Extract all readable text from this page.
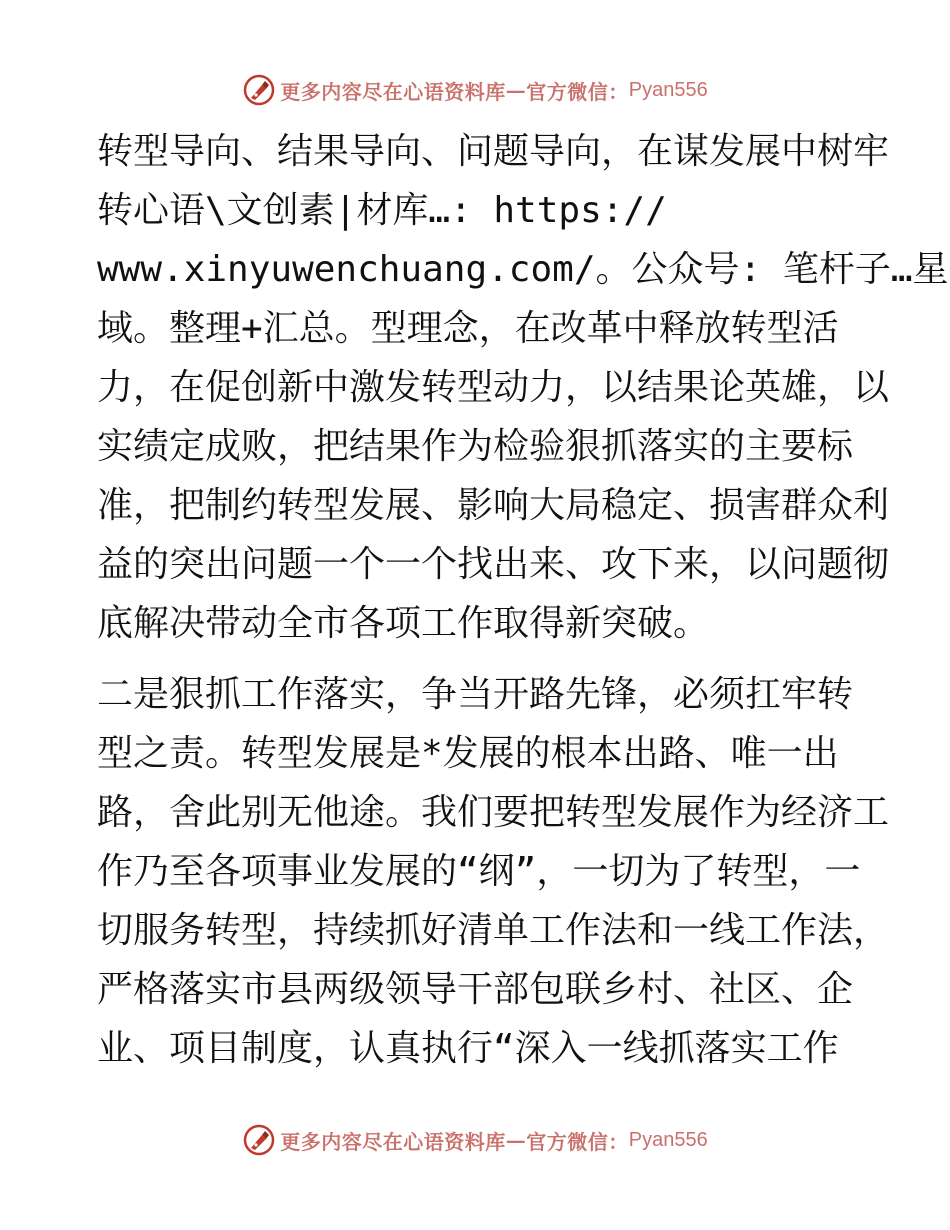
更多内容尽在心语资料库 — 官方微信： Pyan556
转型导向、结果导向、问题导向，在谋发展中树牢
转心语\文创素|材库…: https://
www.xinyuwenchuang.com/。公众号: 笔杆子…星
域。整理+汇总。型理念，在改革中释放转型活
力，在促创新中激发转型动力，以结果论英雄，以
实绩定成败，把结果作为检验狠抓落实的主要标
准，把制约转型发展、影响大局稳定、损害群众利
益的突出问题一个一个找出来、攻下来，以问题彻
底解决带动全市各项工作取得新突破。
二是狠抓工作落实，争当开路先锋，必须扛牢转
型之责。转型发展是*发展的根本出路、唯一出
路，舍此别无他途。我们要把转型发展作为经济工
作乃至各项事业发展的“纲”，一切为了转型，一
切服务转型，持续抓好清单工作法和一线工作法，
严格落实市县两级领导干部包联乡村、社区、企
业、项目制度，认真执行“深入一线抓落实工作
更多内容尽在心语资料库 — 官方微信： Pyan556
